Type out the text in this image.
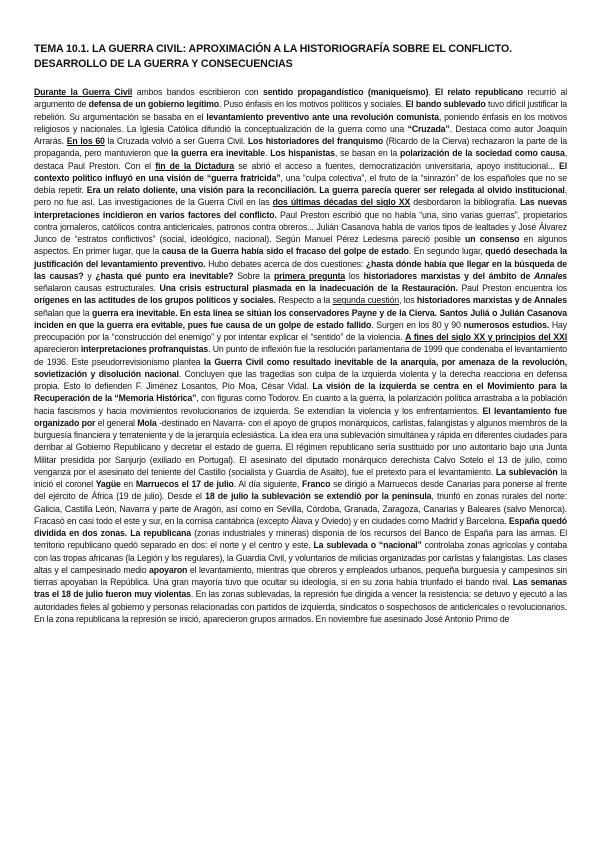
TEMA 10.1. LA GUERRA CIVIL: APROXIMACIÓN A LA HISTORIOGRAFÍA SOBRE EL CONFLICTO. DESARROLLO DE LA GUERRA Y CONSECUENCIAS

Durante la Guerra Civil ambos bandos escribieron con sentido propagandístico (maniqueísmo). El relato republicano recurrió al argumento de defensa de un gobierno legítimo. Puso énfasis en los motivos políticos y sociales. El bando sublevado tuvo difícil justificar la rebelión. Su argumentación se basaba en el levantamiento preventivo ante una revolución comunista, poniendo énfasis en los motivos religiosos y nacionales. La Iglesia Católica difundió la conceptualización de la guerra como una “Cruzada”. Destaca como autor Joaquín Arrarás. En los 60 la Cruzada volvió a ser Guerra Civil. Los historiadores del franquismo (Ricardo de la Cierva) rechazaron la parte de la propaganda, pero mantuvieron que la guerra era inevitable. Los hispanistas, se basan en la polarización de la sociedad como causa, destaca Paul Preston. Con el fin de la Dictadura se abrió el acceso a fuentes, democratización universitaria, apoyo institucional... El contexto político influyó en una visión de “guerra fratricida”, una “culpa colectiva”, el fruto de la “sinrazón” de los españoles que no se debía repetir. Era un relato doliente, una visión para la reconciliación. La guerra parecía querer ser relegada al olvido institucional, pero no fue así. Las investigaciones de la Guerra Civil en las dos últimas décadas del siglo XX desbordaron la bibliografía. Las nuevas interpretaciones incidieron en varios factores del conflicto. Paul Preston escribió que no había “una, sino varias guerras”, propietarios contra jornaleros, católicos contra anticlericales, patronos contra obreros... Julián Casanova habla de varios tipos de lealtades y José Álvarez Junco de “estratos conflictivos” (social, ideológico, nacional). Según Manuel Pérez Ledesma pareció posible un consenso en algunos aspectos. En primer lugar, que la causa de la Guerra había sido el fracaso del golpe de estado. En segundo lugar, quedó desechada la justificación del levantamiento preventivo. Hubo debates acerca de dos cuestiones: ¿hasta dónde había que llegar en la búsqueda de las causas? y ¿hasta qué punto era inevitable? Sobre la primera pregunta los historiadores marxistas y del ámbito de Annales señalaron causas estructurales. Una crisis estructural plasmada en la inadecuación de la Restauración. Paul Preston encuentra los orígenes en las actitudes de los grupos políticos y sociales. Respecto a la segunda cuestión, los historiadores marxistas y de Annales señalan que la guerra era inevitable. En esta línea se sitúan los conservadores Payne y de la Cierva. Santos Juliá o Julián Casanova inciden en que la guerra era evitable, pues fue causa de un golpe de estado fallido. Surgen en los 80 y 90 numerosos estudios. Hay preocupación por la “construcción del enemigo” y por intentar explicar el “sentido” de la violencia. A fines del siglo XX y principios del XXI aparecieron interpretaciones profranquistas. Un punto de inflexión fue la resolución parlamentaria de 1999 que condenaba el levantamiento de 1936. Este pseudorrevisionismo plantea la Guerra Civil como resultado inevitable de la anarquía, por amenaza de la revolución, sovietización y disolución nacional. Concluyen que las tragedias son culpa de la izquierda violenta y la derecha reacciona en defensa propia. Esto lo defienden F. Jiménez Losantos, Pío Moa, César Vidal. La visión de la izquierda se centra en el Movimiento para la Recuperación de la “Memoria Histórica”, con figuras como Todorov. En cuanto a la guerra, la polarización política arrastraba a la población hacia fascismos y hacia movimientos revolucionarios de izquierda. Se extendían la violencia y los enfrentamientos. El levantamiento fue organizado por el general Mola -destinado en Navarra- con el apoyo de grupos monárquicos, carlistas, falangistas y algunos miembros de la burguesía financiera y terrateniente y de la jerarquía eclesiástica. La idea era una sublevación simultánea y rápida en diferentes ciudades para derribar al Gobierno Republicano y decretar el estado de guerra. El régimen republicano sería sustituido por uno autoritario bajo una Junta Militar presidida por Sanjurjo (exiliado en Portugal). El asesinato del diputado monárquico derechista Calvo Sotelo el 13 de julio, como venganza por el asesinato del teniente del Castillo (socialista y Guardia de Asalto), fue el pretexto para el levantamiento. La sublevación la inició el coronel Yagüe en Marruecos el 17 de julio. Al día siguiente, Franco se dirigió a Marruecos desde Canarias para ponerse al frente del ejército de África (19 de julio). Desde el 18 de julio la sublevación se extendió por la península, triunfó en zonas rurales del norte: Galicia, Castilla León, Navarra y parte de Aragón, así como en Sevilla, Córdoba, Granada, Zaragoza, Canarias y Baleares (salvo Menorca). Fracasó en casi todo el este y sur, en la cornisa cantábrica (excepto Álava y Oviedo) y en ciudades como Madrid y Barcelona. España quedó dividida en dos zonas. La republicana (zonas industriales y mineras) disponía de los recursos del Banco de España para las armas. El territorio republicano quedó separado en dos: el norte y el centro y este. La sublevada o “nacional” controlaba zonas agrícolas y contaba con las tropas africanas (la Legión y los regulares), la Guardia Civil, y voluntarios de milicias organizadas por carlistas y falangistas. Las clases altas y el campesinado medio apoyaron el levantamiento, mientras que obreros y empleados urbanos, pequeña burguesía y campesinos sin tierras apoyaban la República. Una gran mayoría tuvo que ocultar su ideología, si en su zona había triunfado el bando rival. Las semanas tras el 18 de julio fueron muy violentas. En las zonas sublevadas, la represión fue dirigida a vencer la resistencia: se detuvo y ejecutó a las autoridades fieles al gobierno y personas relacionadas con partidos de izquierda, sindicatos o sospechosos de anticlericales o revolucionarios. En la zona republicana la represión se inició, aparecieron grupos armados. En noviembre fue asesinado José Antonio Primo de
